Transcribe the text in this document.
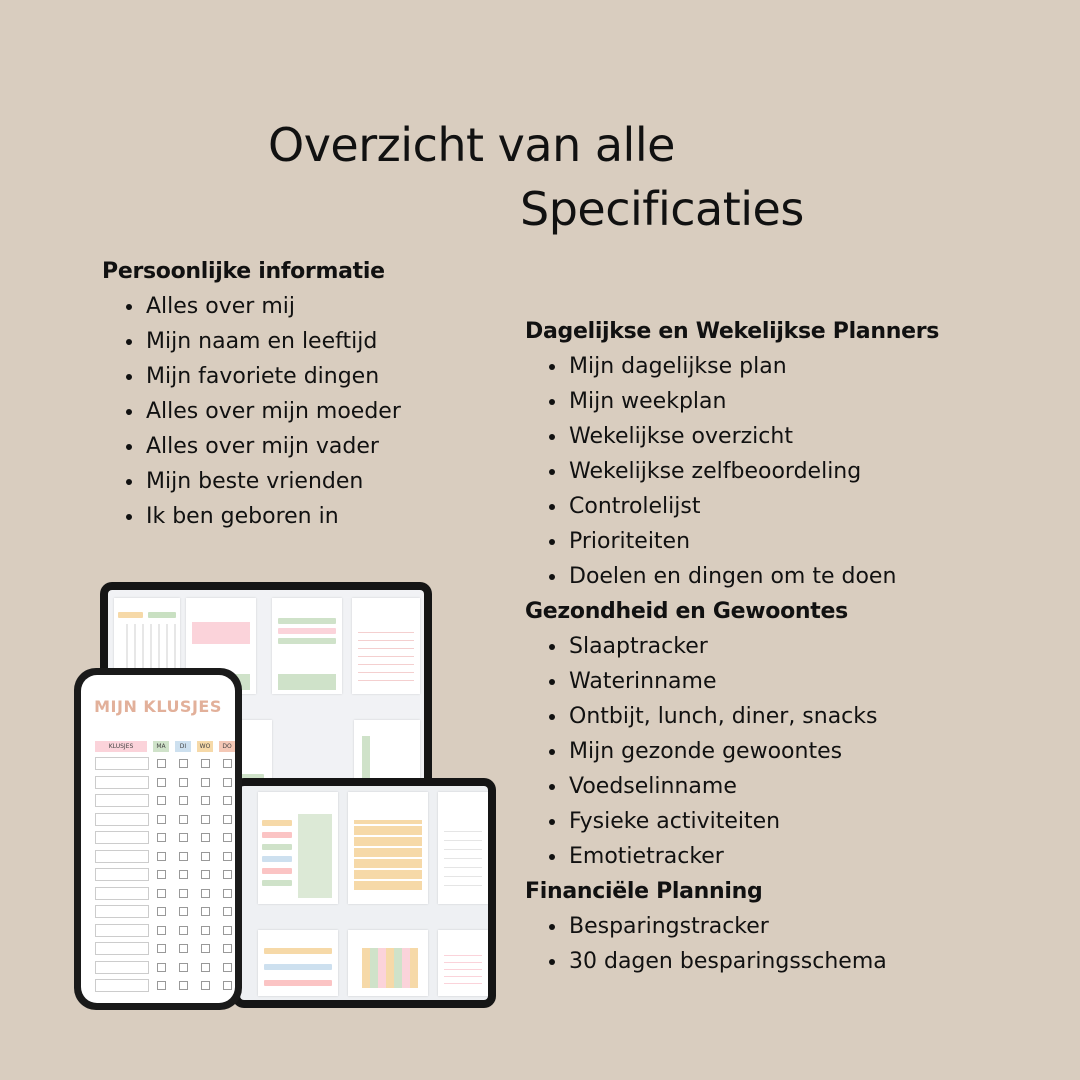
Overzicht van alle
Specificaties
Persoonlijke informatie
Alles over mij
Mijn naam en leeftijd
Mijn favoriete dingen
Alles over mijn moeder
Alles over mijn vader
Mijn beste vrienden
Ik ben geboren in
Dagelijkse en Wekelijkse Planners
Mijn dagelijkse plan
Mijn weekplan
Wekelijkse overzicht
Wekelijkse zelfbeoordeling
Controlelijst
Prioriteiten
Doelen en dingen om te doen
Gezondheid en Gewoontes
Slaaptracker
Waterinname
Ontbijt, lunch, diner, snacks
Mijn gezonde gewoontes
Voedselinname
Fysieke activiteiten
Emotietracker
Financiële Planning
Besparingstracker
30 dagen besparingsschema
MIJN KLUSJES
KLUSJES	MA	DI	WO	DO
